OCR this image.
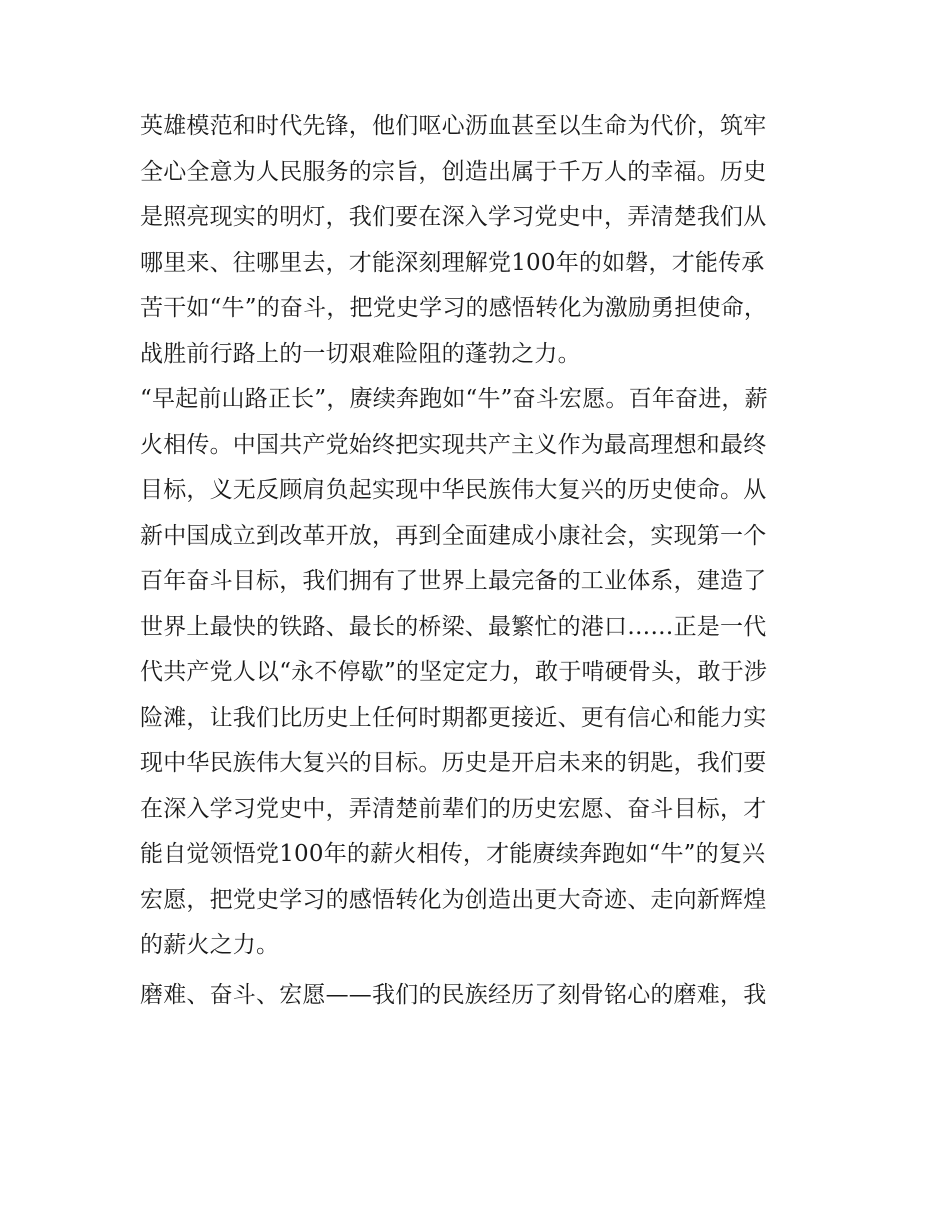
英雄模范和时代先锋，他们呕心沥血甚至以生命为代价，筑牢
全心全意为人民服务的宗旨，创造出属于千万人的幸福。历史
是照亮现实的明灯，我们要在深入学习党史中，弄清楚我们从
哪里来、往哪里去，才能深刻理解党100年的如磐，才能传承
苦干如“牛”的奋斗，把党史学习的感悟转化为激励勇担使命，
战胜前行路上的一切艰难险阻的蓬勃之力。
“早起前山路正长”，赓续奔跑如“牛”奋斗宏愿。百年奋进，薪
火相传。中国共产党始终把实现共产主义作为最高理想和最终
目标，义无反顾肩负起实现中华民族伟大复兴的历史使命。从
新中国成立到改革开放，再到全面建成小康社会，实现第一个
百年奋斗目标，我们拥有了世界上最完备的工业体系，建造了
世界上最快的铁路、最长的桥梁、最繁忙的港口……正是一代
代共产党人以“永不停歇”的坚定定力，敢于啃硬骨头，敢于涉
险滩，让我们比历史上任何时期都更接近、更有信心和能力实
现中华民族伟大复兴的目标。历史是开启未来的钥匙，我们要
在深入学习党史中，弄清楚前辈们的历史宏愿、奋斗目标，才
能自觉领悟党100年的薪火相传，才能赓续奔跑如“牛”的复兴
宏愿，把党史学习的感悟转化为创造出更大奇迹、走向新辉煌
的薪火之力。
磨难、奋斗、宏愿——我们的民族经历了刻骨铭心的磨难，我
